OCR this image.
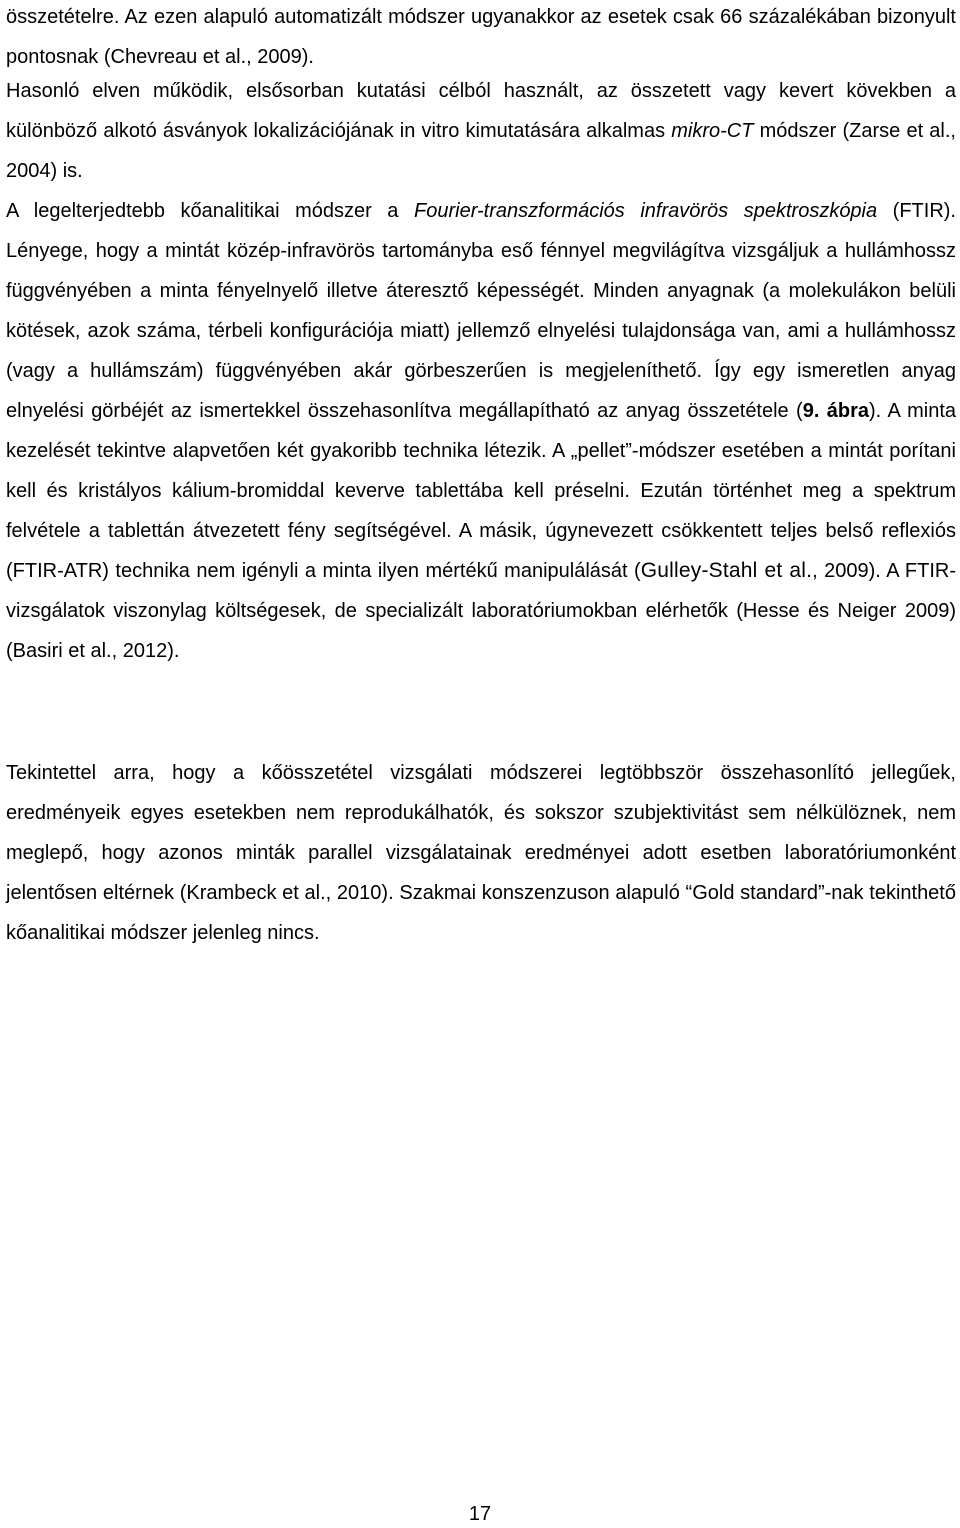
összetételre. Az ezen alapuló automatizált módszer ugyanakkor az esetek csak 66 százalékában bizonyult pontosnak (Chevreau et al., 2009).

Hasonló elven működik, elsősorban kutatási célból használt, az összetett vagy kevert kövekben a különböző alkotó ásványok lokalizációjának in vitro kimutatására alkalmas mikro-CT módszer (Zarse et al., 2004) is.

A legelterjedtebb kőanalitikai módszer a Fourier-transzformációs infravörös spektroszkópia (FTIR). Lényege, hogy a mintát közép-infravörös tartományba eső fénnyel megvilágítva vizsgáljuk a hullámhossz függvényében a minta fényelnyelő illetve áteresztő képességét. Minden anyagnak (a molekulákon belüli kötések, azok száma, térbeli konfigurációja miatt) jellemző elnyelési tulajdonsága van, ami a hullámhossz (vagy a hullámszám) függvényében akár görbeszerűen is megjeleníthető. Így egy ismeretlen anyag elnyelési görbéjét az ismertekkel összehasonlítva megállapítható az anyag összetétele (9. ábra). A minta kezelését tekintve alapvetően két gyakoribb technika létezik. A „pellet”-módszer esetében a mintát porítani kell és kristályos kálium-bromiddal keverve tablettába kell préselni. Ezután történhet meg a spektrum felvétele a tablettán átvezetett fény segítségével. A másik, úgynevezett csökkentett teljes belső reflexiós (FTIR-ATR) technika nem igényli a minta ilyen mértékű manipulálását (Gulley-Stahl et al., 2009). A FTIR-vizsgálatok viszonylag költségesek, de specializált laboratóriumokban elérhetők (Hesse és Neiger 2009) (Basiri et al., 2012).

Tekintettel arra, hogy a kőösszetétel vizsgálati módszerei legtöbbször összehasonlító jellegűek, eredményeik egyes esetekben nem reprodukálhatók, és sokszor szubjektivitást sem nélkülöznek, nem meglepő, hogy azonos minták parallel vizsgálatainak eredményei adott esetben laboratóriumonként jelentősen eltérnek (Krambeck et al., 2010). Szakmai konszenzuson alapuló “Gold standard”-nak tekinthető kőanalitikai módszer jelenleg nincs.

17
